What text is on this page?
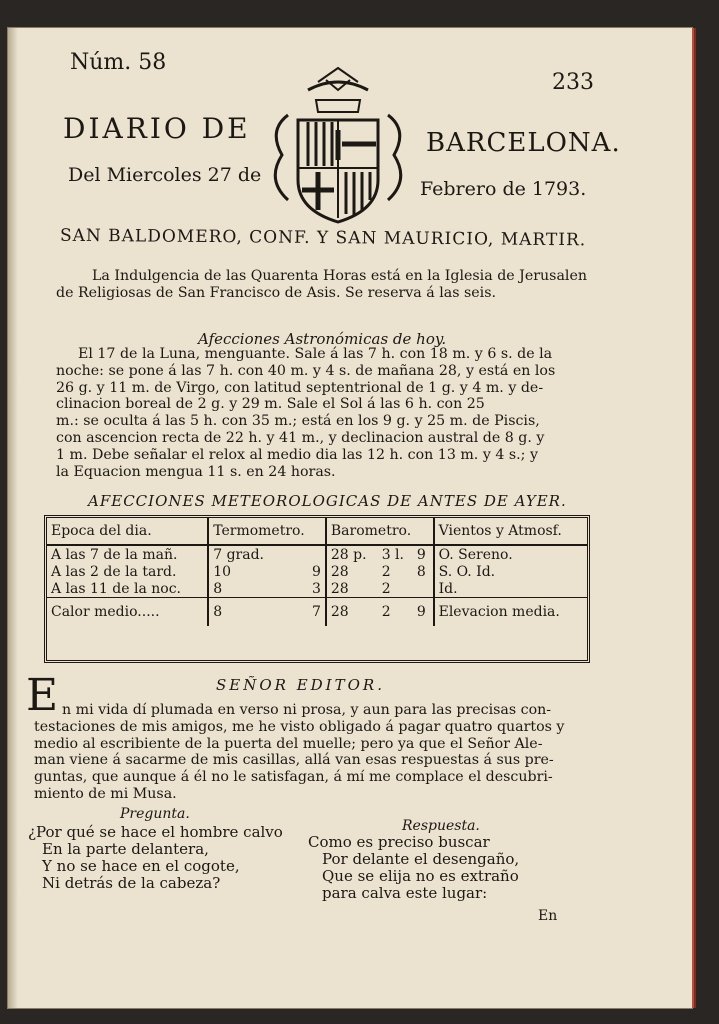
Núm. 58
233
DIARIO DE	BARCELONA.
Del Miercoles 27 de
Febrero de 1793.
SAN BALDOMERO, CONF. Y SAN MAURICIO, MARTIR.

La Indulgencia de las Quarenta Horas está en la Iglesia de Jerusalen

de Religiosas de San Francisco de Asis. Se reserva á las seis.

Afecciones Astronómicas de hoy.

El 17 de la Luna, menguante. Sale á las 7 h. con 18 m. y 6 s. de la

noche: se pone á las 7 h. con 40 m. y 4 s. de mañana 28, y está en los

26 g. y 11 m. de Virgo, con latitud septentrional de 1 g. y 4 m. y de-

clinacion boreal de 2 g. y 29 m. Sale el Sol á las 6 h. con 25

m.: se oculta á las 5 h. con 35 m.; está en los 9 g. y 25 m. de Piscis,

con ascencion recta de 22 h. y 41 m., y declinacion austral de 8 g. y

1 m. Debe señalar el relox al medio dia las 12 h. con 13 m. y 4 s.; y

la Equacion mengua 11 s. en 24 horas.

AFECCIONES METEOROLOGICAS DE ANTES DE AYER.
Epoca del dia.	Termometro.		Barometro.			Vientos y Atmosf.
A las 7 de la mañ.	7 grad.		28 p.	3 l.	9	O. Sereno.
A las 2 de la tard.	10	9	28	2	8	S. O. Id.
A las 11 de la noc.	8	3	28	2		Id.
Calor medio.....	8	7	28	2	9	Elevacion media.
SEÑOR EDITOR.
E n mi vida dí plumada en verso ni prosa, y aun para las precisas con-

testaciones de mis amigos, me he visto obligado á pagar quatro quartos y

medio al escribiente de la puerta del muelle; pero ya que el Señor Ale-

man viene á sacarme de mis casillas, allá van esas respuestas á sus pre-

guntas, que aunque á él no le satisfagan, á mí me complace el descubri-

miento de mi Musa.

Pregunta.

¿Por qué se hace el hombre calvo

En la parte delantera,

Y no se hace en el cogote,

Ni detrás de la cabeza?

Respuesta.

Como es preciso buscar

Por delante el desengaño,

Que se elija no es extraño

para calva este lugar:

En
